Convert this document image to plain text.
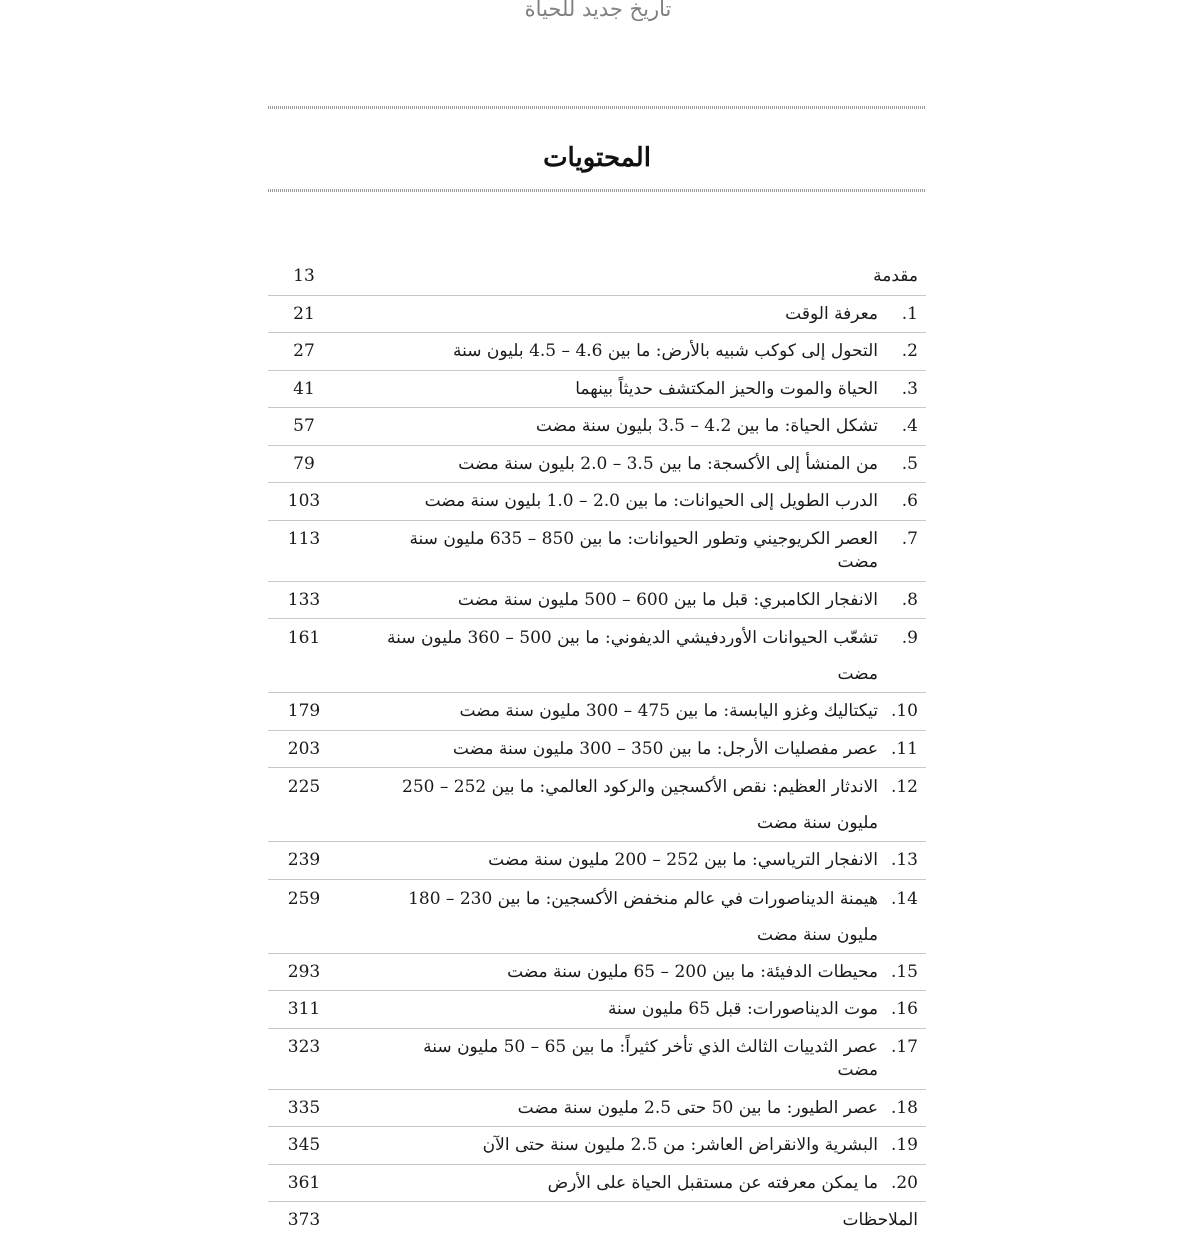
تاريخ جديد للحياة
المحتويات
مقدمة
13
.1
معرفة الوقت
21
.2
التحول إلى كوكب شبيه بالأرض: ما بين 4.6 – 4.5 بليون سنة
27
.3
الحياة والموت والحيز المكتشف حديثاً بينهما
41
.4
تشكل الحياة: ما بين 4.2 – 3.5 بليون سنة مضت
57
.5
من المنشأ إلى الأكسجة: ما بين 3.5 – 2.0 بليون سنة مضت
79
.6
الدرب الطويل إلى الحيوانات: ما بين 2.0 – 1.0 بليون سنة مضت
103
.7
العصر الكريوجيني وتطور الحيوانات: ما بين 850 – 635 مليون سنة مضت
113
.8
الانفجار الكامبري: قبل ما بين 600 – 500 مليون سنة مضت
133
.9
تشعّب الحيوانات الأوردفيشي الديفوني: ما بين 500 – 360 مليون سنة مضت
161
.10
تيكتاليك وغزو اليابسة: ما بين 475 – 300 مليون سنة مضت
179
.11
عصر مفصليات الأرجل: ما بين 350 – 300 مليون سنة مضت
203
.12
الاندثار العظيم: نقص الأكسجين والركود العالمي: ما بين 252 – 250 مليون سنة مضت
225
.13
الانفجار الترياسي: ما بين 252 – 200 مليون سنة مضت
239
.14
هيمنة الديناصورات في عالم منخفض الأكسجين: ما بين 230 – 180 مليون سنة مضت
259
.15
محيطات الدفيئة: ما بين 200 – 65 مليون سنة مضت
293
.16
موت الديناصورات: قبل 65 مليون سنة
311
.17
عصر الثدييات الثالث الذي تأخر كثيراً: ما بين 65 – 50 مليون سنة مضت
323
.18
عصر الطيور: ما بين 50 حتى 2.5 مليون سنة مضت
335
.19
البشرية والانقراض العاشر: من 2.5 مليون سنة حتى الآن
345
.20
ما يمكن معرفته عن مستقبل الحياة على الأرض
361
الملاحظات
373
